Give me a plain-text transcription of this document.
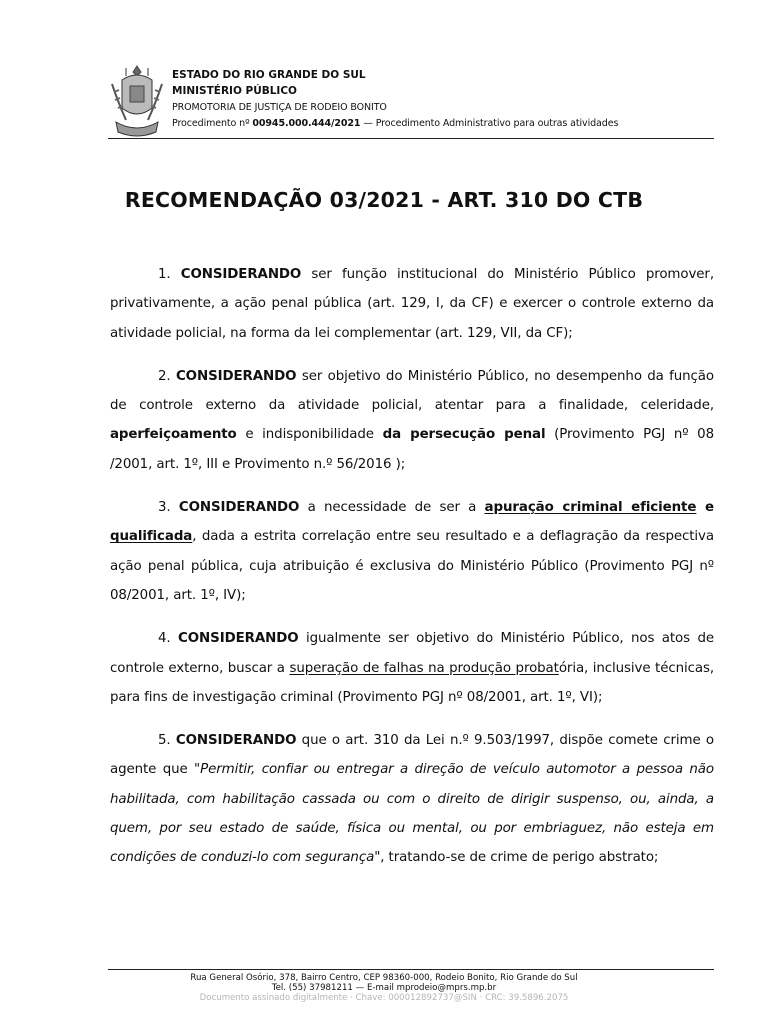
ESTADO DO RIO GRANDE DO SUL
MINISTÉRIO PÚBLICO
PROMOTORIA DE JUSTIÇA DE RODEIO BONITO
Procedimento nº 00945.000.444/2021 — Procedimento Administrativo para outras atividades
RECOMENDAÇÃO 03/2021 - ART. 310 DO CTB

1. CONSIDERANDO ser função institucional do Ministério Público promover, privativamente, a ação penal pública (art. 129, I, da CF) e exercer o controle externo da atividade policial, na forma da lei complementar (art. 129, VII, da CF);

2. CONSIDERANDO ser objetivo do Ministério Público, no desempenho da função de controle externo da atividade policial, atentar para a finalidade, celeridade, aperfeiçoamento e indisponibilidade da persecução penal (Provimento PGJ nº 08 /2001, art. 1º, III e Provimento n.º 56/2016 );

3. CONSIDERANDO a necessidade de ser a apuração criminal eficiente e qualificada, dada a estrita correlação entre seu resultado e a deflagração da respectiva ação penal pública, cuja atribuição é exclusiva do Ministério Público (Provimento PGJ nº 08/2001, art. 1º, IV);

4. CONSIDERANDO igualmente ser objetivo do Ministério Público, nos atos de controle externo, buscar a superação de falhas na produção probatória, inclusive técnicas, para fins de investigação criminal (Provimento PGJ nº 08/2001, art. 1º, VI);

5. CONSIDERANDO que o art. 310 da Lei n.º 9.503/1997, dispõe comete crime o agente que "Permitir, confiar ou entregar a direção de veículo automotor a pessoa não habilitada, com habilitação cassada ou com o direito de dirigir suspenso, ou, ainda, a quem, por seu estado de saúde, física ou mental, ou por embriaguez, não esteja em condições de conduzi-lo com segurança", tratando-se de crime de perigo abstrato;

Rua General Osório, 378, Bairro Centro, CEP 98360-000, Rodeio Bonito, Rio Grande do Sul
Tel. (55) 37981211 — E-mail mprodeio@mprs.mp.br
Documento assinado digitalmente · Chave: 000012892737@SIN · CRC: 39.5896.2075
